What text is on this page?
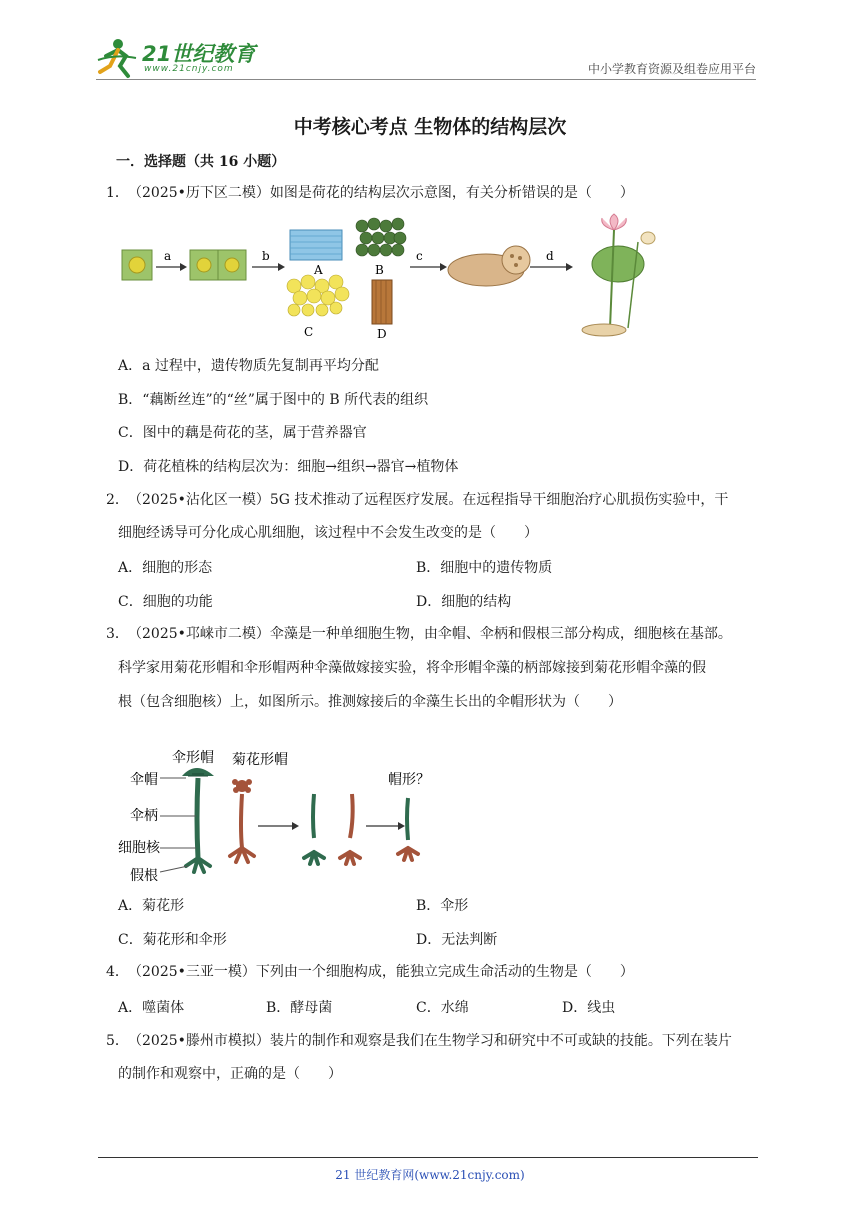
21世纪教育
www.21cnjy.com	中小学教育资源及组卷应用平台
中考核心考点 生物体的结构层次
一．选择题（共 16 小题）
1． （2025•历下区二模）如图是荷花的结构层次示意图，有关分析错误的是（　　）
a	b
A	B
C	D
c	d
A．a 过程中，遗传物质先复制再平均分配
B．“藕断丝连”的“丝”属于图中的 B 所代表的组织
C．图中的藕是荷花的茎，属于营养器官
D．荷花植株的结构层次为：细胞→组织→器官→植物体
2． （2025•沾化区一模）5G 技术推动了远程医疗发展。在远程指导干细胞治疗心肌损伤实验中，干
细胞经诱导可分化成心肌细胞，该过程中不会发生改变的是（　　）
A．细胞的形态	B．细胞中的遗传物质
C．细胞的功能	D．细胞的结构
3． （2025•邛崃市二模）伞藻是一种单细胞生物，由伞帽、伞柄和假根三部分构成，细胞核在基部。
科学家用菊花形帽和伞形帽两种伞藻做嫁接实验，将伞形帽伞藻的柄部嫁接到菊花形帽伞藻的假
根（包含细胞核）上，如图所示。推测嫁接后的伞藻生长出的伞帽形状为（　　）
伞形帽 菊花形帽
帽形？
伞帽
伞柄
细胞核
假根
A．菊花形	B．伞形
C．菊花形和伞形	D．无法判断
4． （2025•三亚一模）下列由一个细胞构成，能独立完成生命活动的生物是（　　）
A．噬菌体	B．酵母菌	C．水绵	D．线虫
5． （2025•滕州市模拟）装片的制作和观察是我们在生物学习和研究中不可或缺的技能。下列在装片
的制作和观察中，正确的是（　　）
21 世纪教育网(www.21cnjy.com)
